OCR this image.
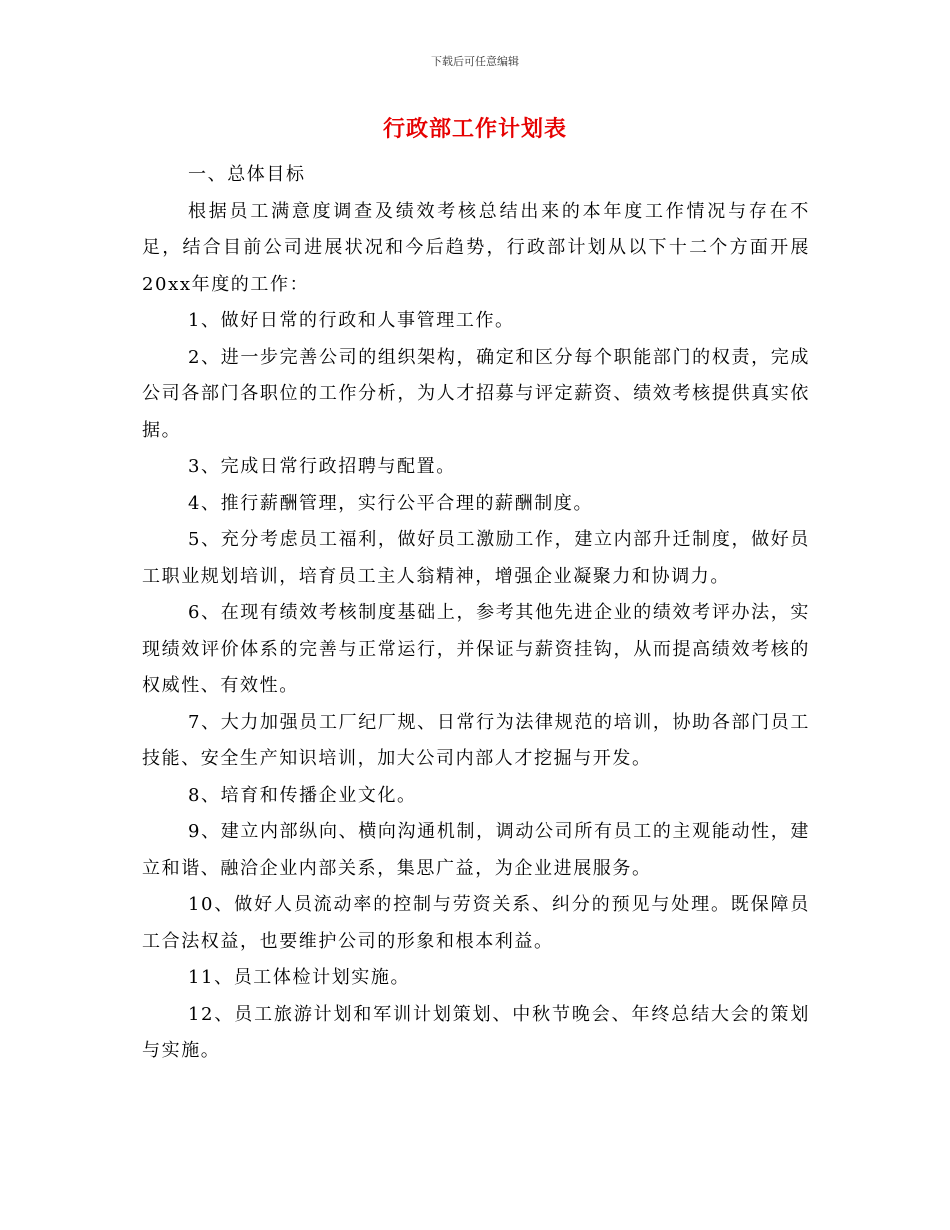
下载后可任意编辑
行政部工作计划表

一、总体目标

根据员工满意度调查及绩效考核总结出来的本年度工作情况与存在不足，结合目前公司进展状况和今后趋势，行政部计划从以下十二个方面开展20xx年度的工作：

1、做好日常的行政和人事管理工作。

2、进一步完善公司的组织架构，确定和区分每个职能部门的权责，完成公司各部门各职位的工作分析，为人才招募与评定薪资、绩效考核提供真实依据。

3、完成日常行政招聘与配置。

4、推行薪酬管理，实行公平合理的薪酬制度。

5、充分考虑员工福利，做好员工激励工作，建立内部升迁制度，做好员工职业规划培训，培育员工主人翁精神，增强企业凝聚力和协调力。

6、在现有绩效考核制度基础上，参考其他先进企业的绩效考评办法，实现绩效评价体系的完善与正常运行，并保证与薪资挂钩，从而提高绩效考核的权威性、有效性。

7、大力加强员工厂纪厂规、日常行为法律规范的培训，协助各部门员工技能、安全生产知识培训，加大公司内部人才挖掘与开发。

8、培育和传播企业文化。

9、建立内部纵向、横向沟通机制，调动公司所有员工的主观能动性，建立和谐、融洽企业内部关系，集思广益，为企业进展服务。

10、做好人员流动率的控制与劳资关系、纠分的预见与处理。既保障员工合法权益，也要维护公司的形象和根本利益。

11、员工体检计划实施。

12、员工旅游计划和军训计划策划、中秋节晚会、年终总结大会的策划与实施。
